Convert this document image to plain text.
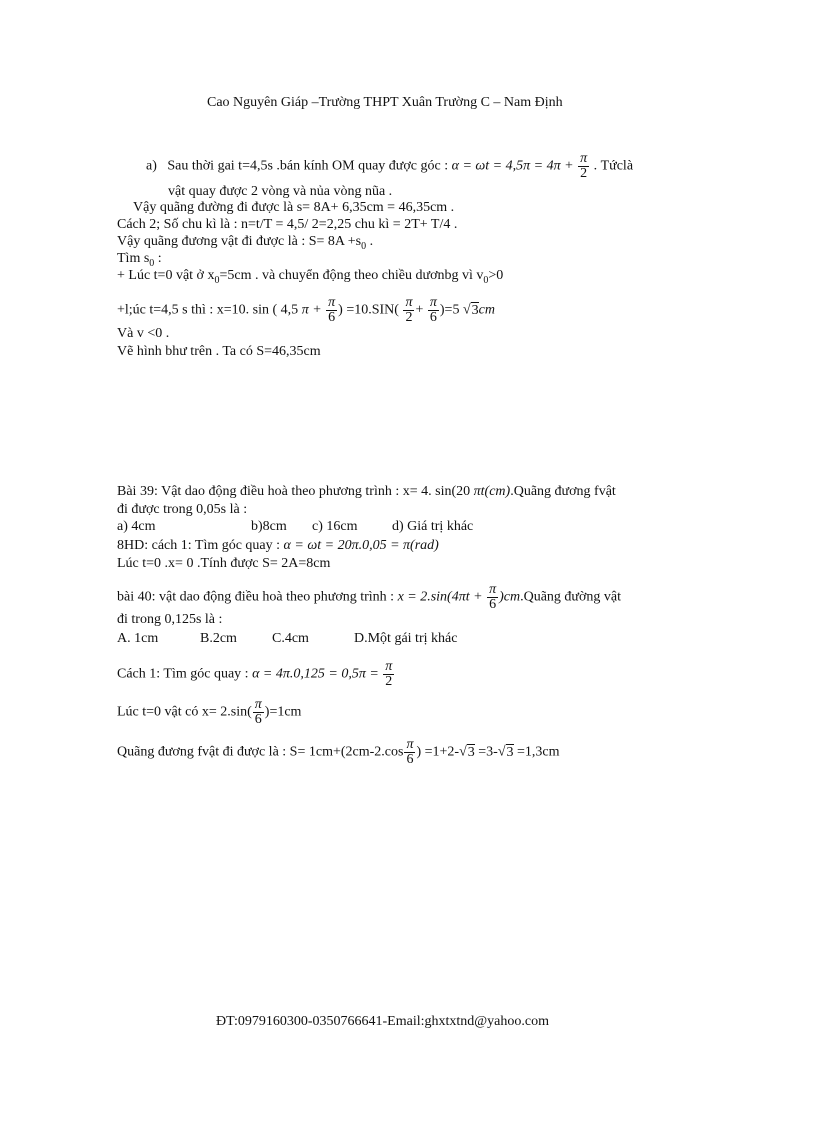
Cao Nguyên Giáp –Trường THPT Xuân Trường C – Nam Định
a) Sau thời gai t=4,5s .bán kính OM quay được góc : $\alpha = \omega t = 4,5\pi = 4\pi + \frac{\pi}{2}$ . Tứclà
vật quay được 2 vòng và nủa vòng nũa .
Vậy quãng đường đi được là s= 8A+ 6,35cm = 46,35cm .
Cách 2; Số chu kì là : n=t/T = 4,5/ 2=2,25 chu kì = 2T+ T/4 .
Vậy quãng đương vật đi được là : $S= 8A +s_0$ .
Tìm $s_0$ :
+ Lúc t=0 vật ở $x_0=5cm$ . và chuyển động theo chiều dươnbg vì $v_0>0$
+l;úc t=4,5 s thì : x=10. sin ( 4,5 $\pi + \frac{\pi}{6}$ ) $=10.SIN( \frac{\pi}{2} + \frac{\pi}{6} )=5$ √3cm
Và v <0 .
Vẽ hình bhư trên . Ta có S=46,35cm
Bài 39: Vật dao động điều hoà theo phương trình : x= 4. sin(20 πt(cm).Quãng đương fvật
đi được trong 0,05s là :
a) 4cm	b)8cm c) 16cm d) Giá trị khác
8HD: cách 1: Tìm góc quay : α = ωt = 20π.0,05 = π(rad)
Lúc t=0 .x= 0 .Tính được S= 2A=8cm
bài 40: vật dao động điều hoà theo phương trình : $x = 2.\sin(4\pi t + \frac{\pi}{6}$ )cm.Quãng đường vật
đi trong 0,125s là :
A. 1cm	B.2cm	C.4cm	D.Một gái trị khác
Cách 1: Tìm góc quay : $\alpha = 4\pi.0,125 = 0,5\pi = \frac{\pi}{2}$
Lúc t=0 vật có $x= 2.\sin( \frac{\pi}{6} )=1cm$
Quãng đương fvật đi được là : $S= 1cm+(2cm-2.\cos \frac{\pi}{6}$ ) =1+2-√3 =3-√3 =1,3cm
ĐT:0979160300-0350766641-Email:ghxtxtnd@yahoo.com
